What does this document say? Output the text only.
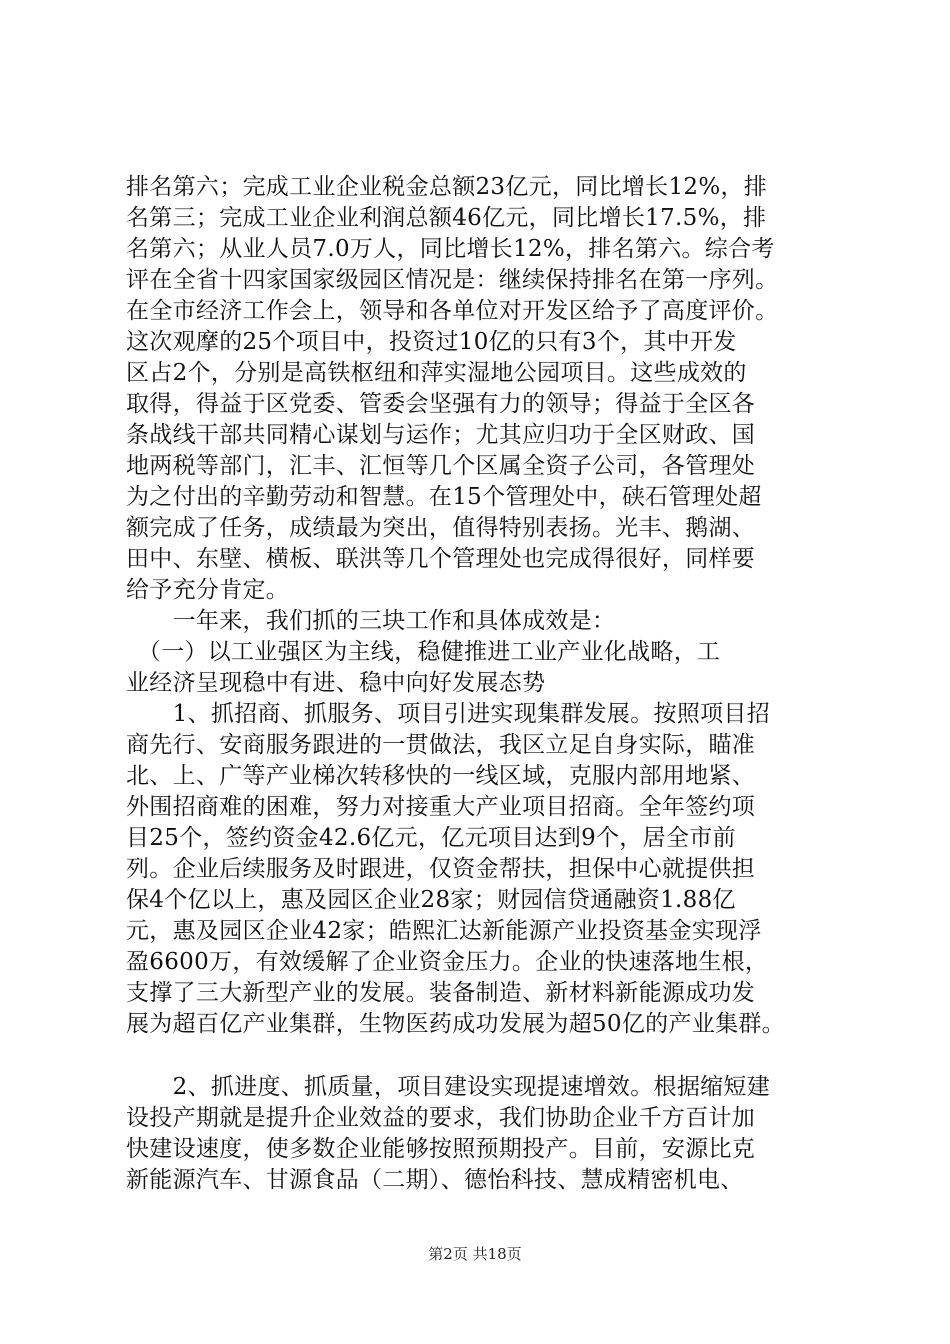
排名第六；完成工业企业税金总额23亿元，同比增长12%，排
名第三；完成工业企业利润总额46亿元，同比增长17.5%，排
名第六；从业人员7.0万人，同比增长12%，排名第六。综合考
评在全省十四家国家级园区情况是：继续保持排名在第一序列。
在全市经济工作会上，领导和各单位对开发区给予了高度评价。
这次观摩的25个项目中，投资过10亿的只有3个，其中开发
区占2个，分别是高铁枢纽和萍实湿地公园项目。这些成效的
取得，得益于区党委、管委会坚强有力的领导；得益于全区各
条战线干部共同精心谋划与运作；尤其应归功于全区财政、国
地两税等部门，汇丰、汇恒等几个区属全资子公司，各管理处
为之付出的辛勤劳动和智慧。在15个管理处中，硖石管理处超
额完成了任务，成绩最为突出，值得特别表扬。光丰、鹅湖、
田中、东壁、横板、联洪等几个管理处也完成得很好，同样要
给予充分肯定。
　　一年来，我们抓的三块工作和具体成效是：
　（一）以工业强区为主线，稳健推进工业产业化战略，工
业经济呈现稳中有进、稳中向好发展态势
　　1、抓招商、抓服务、项目引进实现集群发展。按照项目招
商先行、安商服务跟进的一贯做法，我区立足自身实际，瞄准
北、上、广等产业梯次转移快的一线区域，克服内部用地紧、
外围招商难的困难，努力对接重大产业项目招商。全年签约项
目25个，签约资金42.6亿元，亿元项目达到9个，居全市前
列。企业后续服务及时跟进，仅资金帮扶，担保中心就提供担
保4个亿以上，惠及园区企业28家；财园信贷通融资1.88亿
元，惠及园区企业42家；皓熙汇达新能源产业投资基金实现浮
盈6600万，有效缓解了企业资金压力。企业的快速落地生根，
支撑了三大新型产业的发展。装备制造、新材料新能源成功发
展为超百亿产业集群，生物医药成功发展为超50亿的产业集群。
　　2、抓进度、抓质量，项目建设实现提速增效。根据缩短建
设投产期就是提升企业效益的要求，我们协助企业千方百计加
快建设速度，使多数企业能够按照预期投产。目前，安源比克
新能源汽车、甘源食品（二期）、德怡科技、慧成精密机电、
第2页 共18页
